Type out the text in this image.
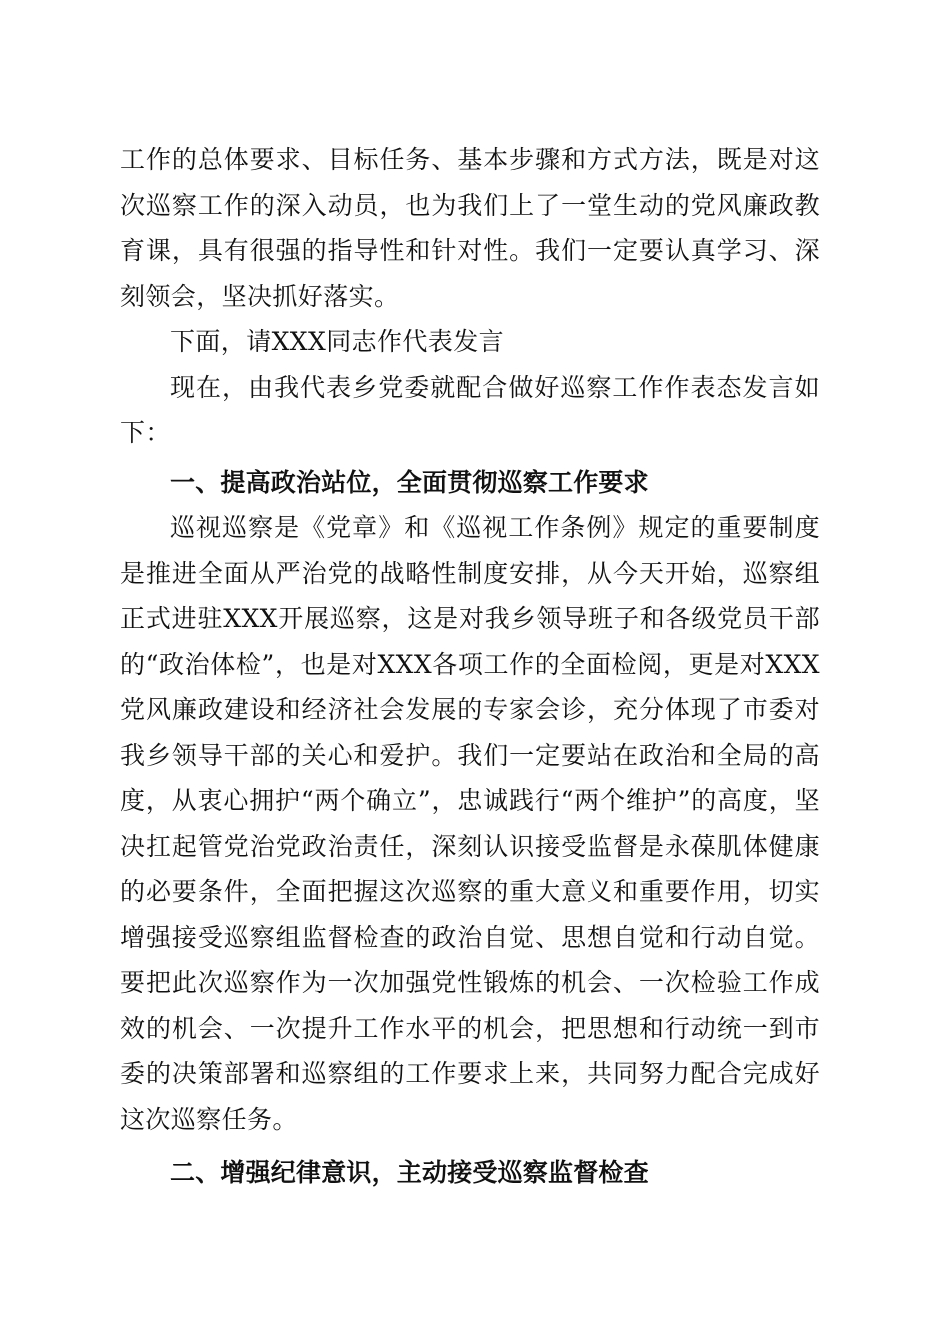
工作的总体要求、目标任务、基本步骤和方式方法，既是对这次巡察工作的深入动员，也为我们上了一堂生动的党风廉政教育课，具有很强的指导性和针对性。我们一定要认真学习、深刻领会，坚决抓好落实。

下面，请XXX同志作代表发言

现在，由我代表乡党委就配合做好巡察工作作表态发言如下：

一、提高政治站位，全面贯彻巡察工作要求

巡视巡察是《党章》和《巡视工作条例》规定的重要制度是推进全面从严治党的战略性制度安排，从今天开始，巡察组正式进驻XXX开展巡察，这是对我乡领导班子和各级党员干部的“政治体检”，也是对XXX各项工作的全面检阅，更是对XXX党风廉政建设和经济社会发展的专家会诊，充分体现了市委对我乡领导干部的关心和爱护。我们一定要站在政治和全局的高度，从衷心拥护“两个确立”，忠诚践行“两个维护”的高度，坚决扛起管党治党政治责任，深刻认识接受监督是永葆肌体健康的必要条件，全面把握这次巡察的重大意义和重要作用，切实增强接受巡察组监督检查的政治自觉、思想自觉和行动自觉。要把此次巡察作为一次加强党性锻炼的机会、一次检验工作成效的机会、一次提升工作水平的机会，把思想和行动统一到市委的决策部署和巡察组的工作要求上来，共同努力配合完成好这次巡察任务。

二、增强纪律意识，主动接受巡察监督检查
